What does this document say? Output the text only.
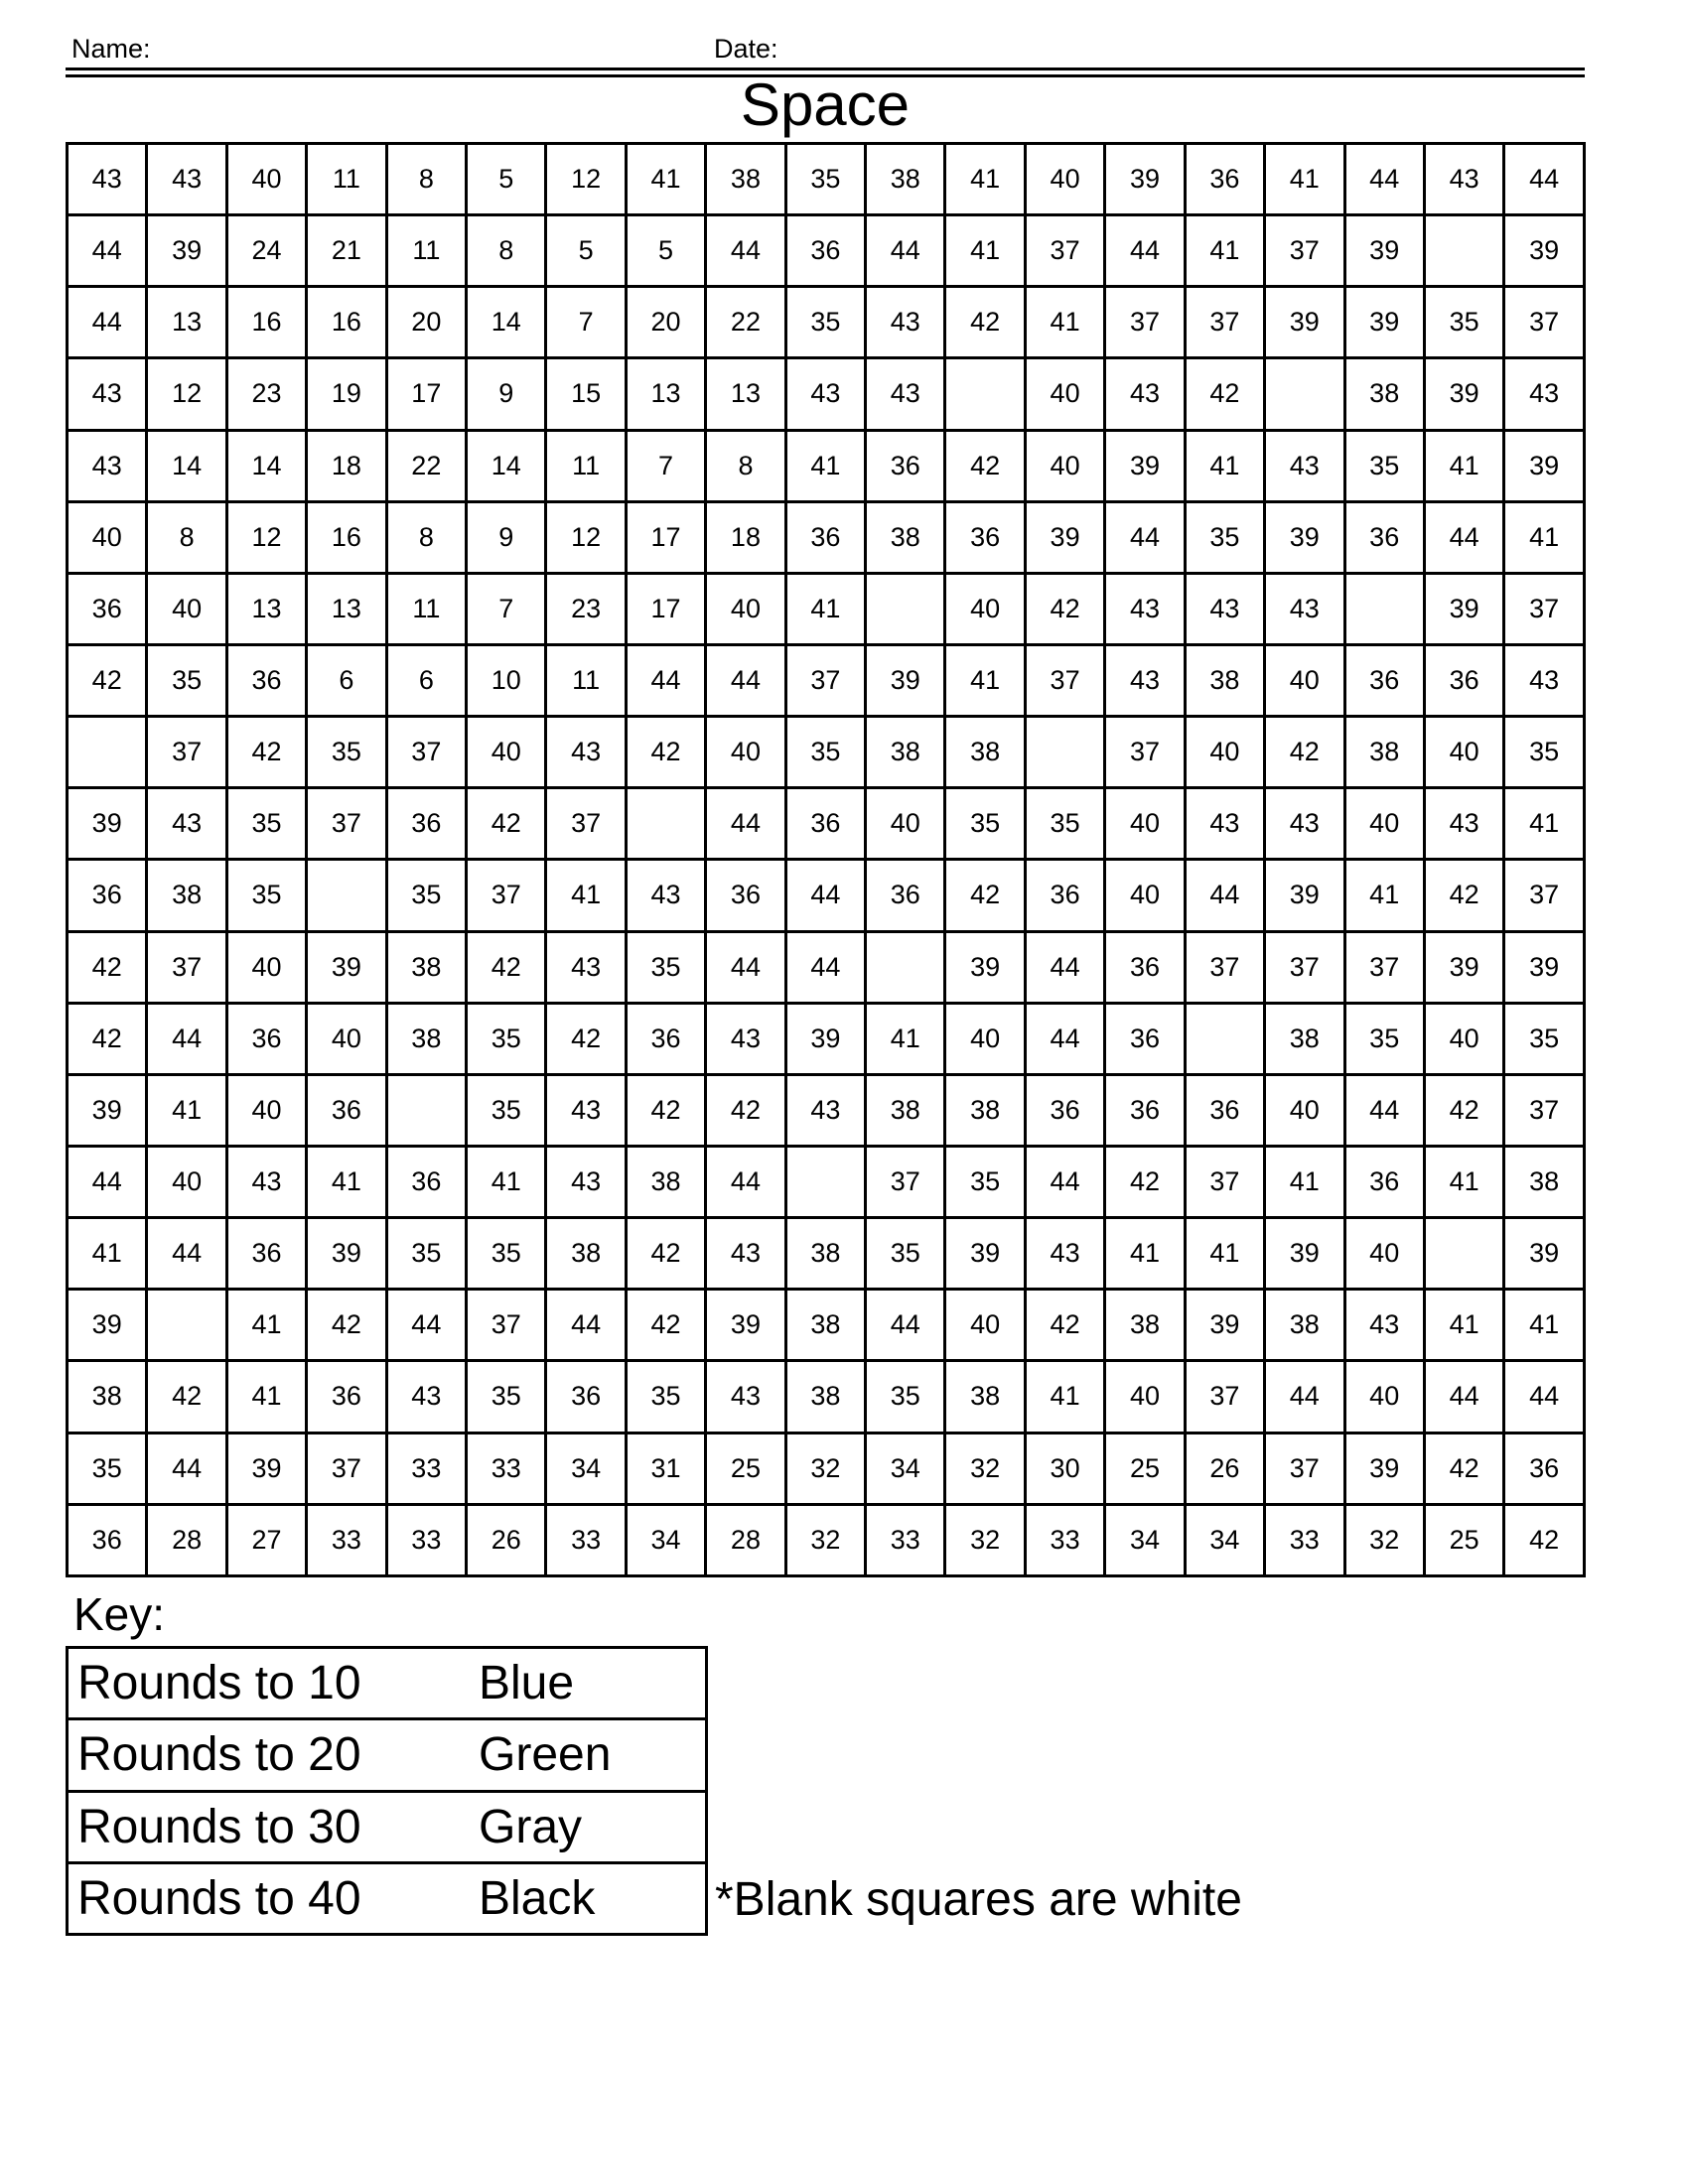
Name:	Date:
Space
43	43	40	11	8	5	12	41	38	35	38	41	40	39	36	41	44	43	44
44	39	24	21	11	8	5	5	44	36	44	41	37	44	41	37	39		39
44	13	16	16	20	14	7	20	22	35	43	42	41	37	37	39	39	35	37
43	12	23	19	17	9	15	13	13	43	43		40	43	42		38	39	43
43	14	14	18	22	14	11	7	8	41	36	42	40	39	41	43	35	41	39
40	8	12	16	8	9	12	17	18	36	38	36	39	44	35	39	36	44	41
36	40	13	13	11	7	23	17	40	41		40	42	43	43	43		39	37
42	35	36	6	6	10	11	44	44	37	39	41	37	43	38	40	36	36	43
	37	42	35	37	40	43	42	40	35	38	38		37	40	42	38	40	35
39	43	35	37	36	42	37		44	36	40	35	35	40	43	43	40	43	41
36	38	35		35	37	41	43	36	44	36	42	36	40	44	39	41	42	37
42	37	40	39	38	42	43	35	44	44		39	44	36	37	37	37	39	39
42	44	36	40	38	35	42	36	43	39	41	40	44	36		38	35	40	35
39	41	40	36		35	43	42	42	43	38	38	36	36	36	40	44	42	37
44	40	43	41	36	41	43	38	44		37	35	44	42	37	41	36	41	38
41	44	36	39	35	35	38	42	43	38	35	39	43	41	41	39	40		39
39		41	42	44	37	44	42	39	38	44	40	42	38	39	38	43	41	41
38	42	41	36	43	35	36	35	43	38	35	38	41	40	37	44	40	44	44
35	44	39	37	33	33	34	31	25	32	34	32	30	25	26	37	39	42	36
36	28	27	33	33	26	33	34	28	32	33	32	33	34	34	33	32	25	42
Key:
Rounds to 10	Blue
Rounds to 20	Green
Rounds to 30	Gray
Rounds to 40	Black	*Blank squares are white
